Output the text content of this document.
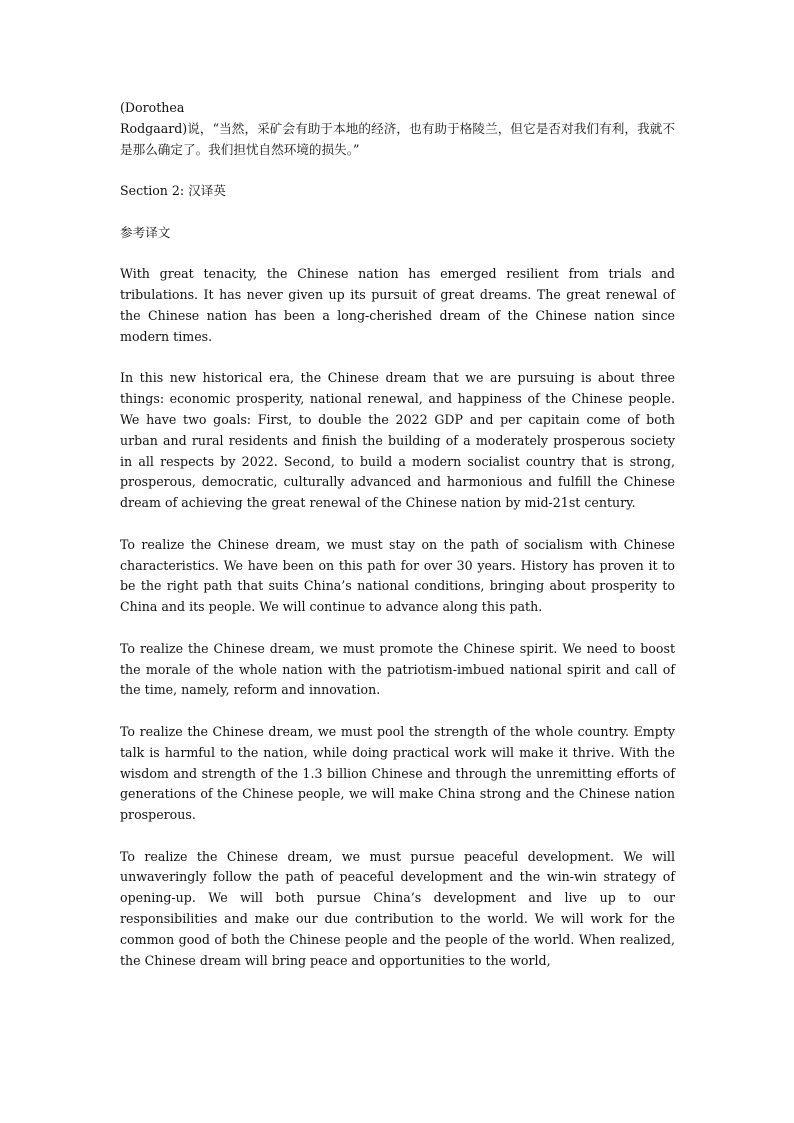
(Dorothea
Rodgaard)说，“当然，采矿会有助于本地的经济，也有助于格陵兰，但它是否对我们有利，我就不是那么确定了。我们担忧自然环境的损失。”

Section 2: 汉译英

参考译文

With great tenacity, the Chinese nation has emerged resilient from trials and tribulations. It has never given up its pursuit of great dreams. The great renewal of the Chinese nation has been a long-cherished dream of the Chinese nation since modern times.

In this new historical era, the Chinese dream that we are pursuing is about three things: economic prosperity, national renewal, and happiness of the Chinese people. We have two goals: First, to double the 2022 GDP and per capitain come of both urban and rural residents and finish the building of a moderately prosperous society in all respects by 2022. Second, to build a modern socialist country that is strong, prosperous, democratic, culturally advanced and harmonious and fulfill the Chinese dream of achieving the great renewal of the Chinese nation by mid-21st century.

To realize the Chinese dream, we must stay on the path of socialism with Chinese characteristics. We have been on this path for over 30 years. History has proven it to be the right path that suits China’s national conditions, bringing about prosperity to China and its people. We will continue to advance along this path.

To realize the Chinese dream, we must promote the Chinese spirit. We need to boost the morale of the whole nation with the patriotism-imbued national spirit and call of the time, namely, reform and innovation.

To realize the Chinese dream, we must pool the strength of the whole country. Empty talk is harmful to the nation, while doing practical work will make it thrive. With the wisdom and strength of the 1.3 billion Chinese and through the unremitting efforts of generations of the Chinese people, we will make China strong and the Chinese nation prosperous.

To realize the Chinese dream, we must pursue peaceful development. We will unwaveringly follow the path of peaceful development and the win-win strategy of opening-up. We will both pursue China’s development and live up to our responsibilities and make our due contribution to the world. We will work for the common good of both the Chinese people and the people of the world. When realized, the Chinese dream will bring peace and opportunities to the world,
